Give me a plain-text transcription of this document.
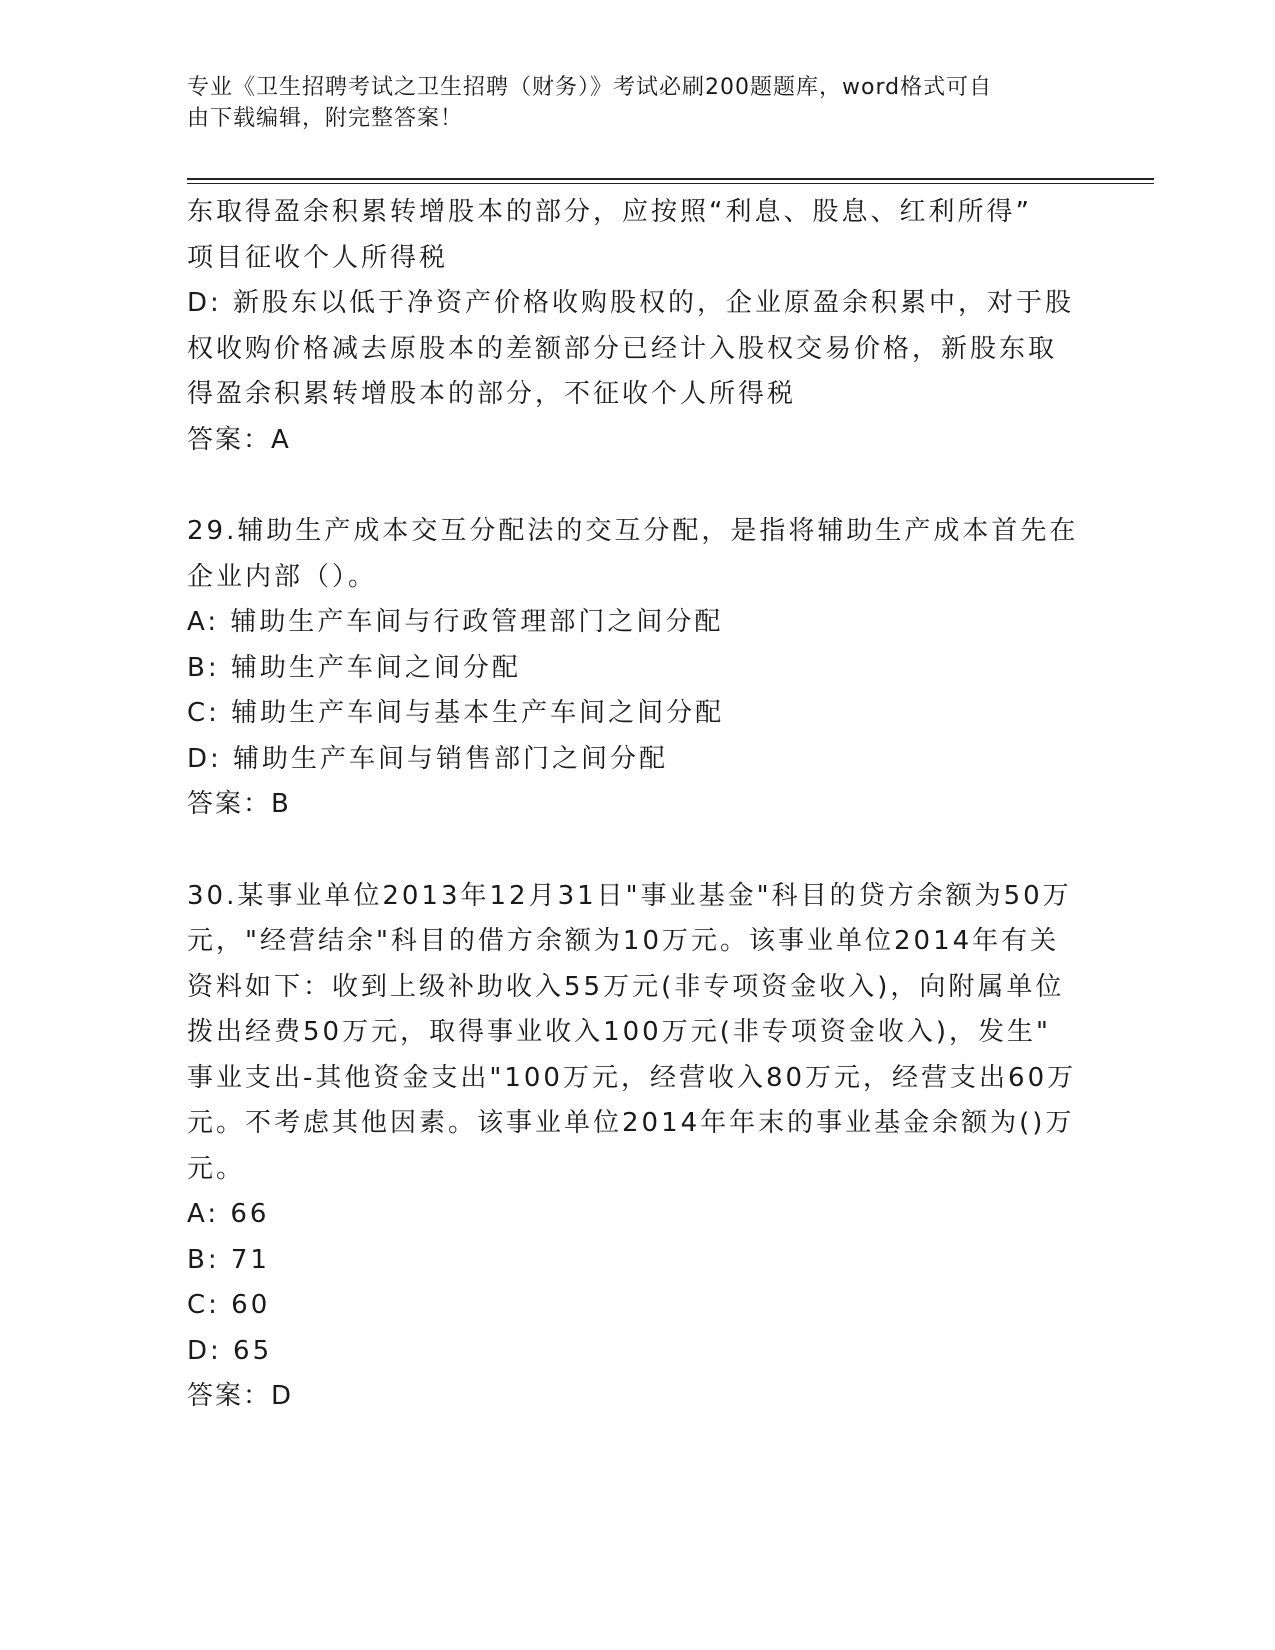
专业《卫生招聘考试之卫生招聘（财务）》考试必刷200题题库，word格式可自
由下载编辑，附完整答案！

东取得盈余积累转增股本的部分，应按照“利息、股息、红利所得”

项目征收个人所得税

D: 新股东以低于净资产价格收购股权的，企业原盈余积累中，对于股

权收购价格减去原股本的差额部分已经计入股权交易价格，新股东取

得盈余积累转增股本的部分，不征收个人所得税

答案：A

29.辅助生产成本交互分配法的交互分配，是指将辅助生产成本首先在

企业内部（）。

A: 辅助生产车间与行政管理部门之间分配

B: 辅助生产车间之间分配

C: 辅助生产车间与基本生产车间之间分配

D: 辅助生产车间与销售部门之间分配

答案：B

30.某事业单位2013年12月31日"事业基金"科目的贷方余额为50万

元，"经营结余"科目的借方余额为10万元。该事业单位2014年有关

资料如下：收到上级补助收入55万元(非专项资金收入)，向附属单位

拨出经费50万元，取得事业收入100万元(非专项资金收入)，发生"

事业支出-其他资金支出"100万元，经营收入80万元，经营支出60万

元。不考虑其他因素。该事业单位2014年年末的事业基金余额为()万

元。

A: 66

B: 71

C: 60

D: 65

答案：D
